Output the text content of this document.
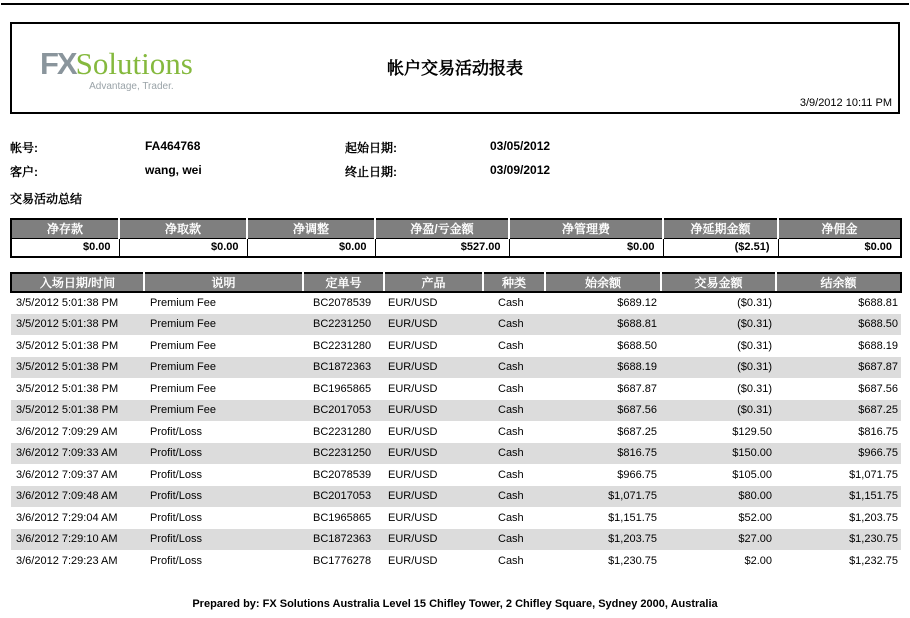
FXSolutions
Advantage, Trader.
帐户交易活动报表
3/9/2012 10:11 PM
帐号:	FA464768	起始日期:	03/05/2012
客户:	wang, wei	终止日期:	03/09/2012
交易活动总结
净存款	净取款	净调整	净盈/亏金额	净管理费	净延期金额	净佣金
$0.00	$0.00	$0.00	$527.00	$0.00	($2.51)	$0.00
入场日期/时间	说明	定单号	产品	种类	始余额	交易金额	结余额
3/5/2012 5:01:38 PM	Premium Fee	BC2078539	EUR/USD	Cash	$689.12	($0.31)	$688.81
3/5/2012 5:01:38 PM	Premium Fee	BC2231250	EUR/USD	Cash	$688.81	($0.31)	$688.50
3/5/2012 5:01:38 PM	Premium Fee	BC2231280	EUR/USD	Cash	$688.50	($0.31)	$688.19
3/5/2012 5:01:38 PM	Premium Fee	BC1872363	EUR/USD	Cash	$688.19	($0.31)	$687.87
3/5/2012 5:01:38 PM	Premium Fee	BC1965865	EUR/USD	Cash	$687.87	($0.31)	$687.56
3/5/2012 5:01:38 PM	Premium Fee	BC2017053	EUR/USD	Cash	$687.56	($0.31)	$687.25
3/6/2012 7:09:29 AM	Profit/Loss	BC2231280	EUR/USD	Cash	$687.25	$129.50	$816.75
3/6/2012 7:09:33 AM	Profit/Loss	BC2231250	EUR/USD	Cash	$816.75	$150.00	$966.75
3/6/2012 7:09:37 AM	Profit/Loss	BC2078539	EUR/USD	Cash	$966.75	$105.00	$1,071.75
3/6/2012 7:09:48 AM	Profit/Loss	BC2017053	EUR/USD	Cash	$1,071.75	$80.00	$1,151.75
3/6/2012 7:29:04 AM	Profit/Loss	BC1965865	EUR/USD	Cash	$1,151.75	$52.00	$1,203.75
3/6/2012 7:29:10 AM	Profit/Loss	BC1872363	EUR/USD	Cash	$1,203.75	$27.00	$1,230.75
3/6/2012 7:29:23 AM	Profit/Loss	BC1776278	EUR/USD	Cash	$1,230.75	$2.00	$1,232.75
Prepared by: FX Solutions Australia Level 15 Chifley Tower, 2 Chifley Square, Sydney 2000, Australia
